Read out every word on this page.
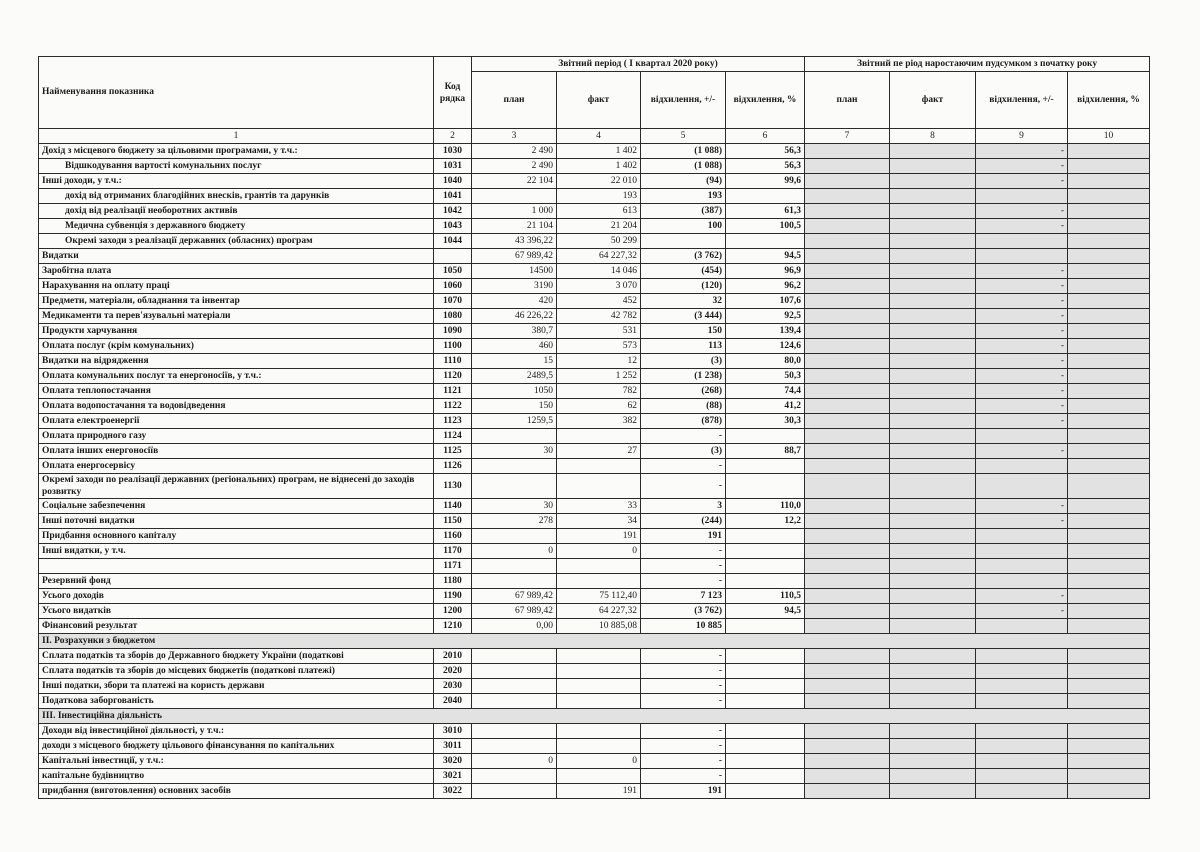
Найменування показника	Код рядка	Звітний період ( І квартал 2020 року)				Звітний пе ріод наростаючим пудсумком з початку року			
		план	факт	відхилення, +/-	відхилення, %	план	факт	відхилення, +/-	відхилення, %
1	2	3	4	5	6	7	8	9	10
Дохід з місцевого бюджету за цільовими програмами, у т.ч.:	1030	2 490	1 402	(1 088)	56,3			-	
Відшкодування вартості комунальних послуг	1031	2 490	1 402	(1 088)	56,3			-	
Інші доходи, у т.ч.:	1040	22 104	22 010	(94)	99,6			-	
дохід від отриманих благодійних внесків, грантів та дарунків	1041		193	193					
дохід від реалізації необоротних активів	1042	1 000	613	(387)	61,3			-	
Медична субвенція з державного бюджету	1043	21 104	21 204	100	100,5			-	
Окремі заходи з реалізації державних (обласних) програм	1044	43 396,22	50 299						
Видатки		67 989,42	64 227,32	(3 762)	94,5				
Заробітна плата	1050	14500	14 046	(454)	96,9			-	
Нарахування на оплату праці	1060	3190	3 070	(120)	96,2			-	
Предмети, матеріали, обладнання та інвентар	1070	420	452	32	107,6			-	
Медикаменти та перев'язувальні матеріали	1080	46 226,22	42 782	(3 444)	92,5			-	
Продукти харчування	1090	380,7	531	150	139,4			-	
Оплата послуг (крім комунальних)	1100	460	573	113	124,6			-	
Видатки на відрядження	1110	15	12	(3)	80,0			-	
Оплата комунальних послуг та енергоносіїв, у т.ч.:	1120	2489,5	1 252	(1 238)	50,3			-	
Оплата теплопостачання	1121	1050	782	(268)	74,4			-	
Оплата водопостачання та водовідведення	1122	150	62	(88)	41,2			-	
Оплата електроенергії	1123	1259,5	382	(878)	30,3			-	
Оплата природного газу	1124			-					
Оплата інших енергоносіїв	1125	30	27	(3)	88,7			-	
Оплата енергосервісу	1126			-					
Окремі заходи по реалізації державних (регіональних) програм, не віднесені до заходів розвитку	1130			-					
Соціальне забезпечення	1140	30	33	3	110,0			-	
Інші поточні видатки	1150	278	34	(244)	12,2			-	
Придбання основного капіталу	1160		191	191					
Інші видатки, у т.ч.	1170	0	0	-					
	1171			-					
Резервний фонд	1180			-					
Усього доходів	1190	67 989,42	75 112,40	7 123	110,5			-	
Усього видатків	1200	67 989,42	64 227,32	(3 762)	94,5			-	
Фінансовий результат	1210	0,00	10 885,08	10 885					
ІІ. Розрахунки з бюджетом									
Сплата податків та зборів до Державного бюджету України (податкові	2010			-					
Сплата податків та зборів до місцевих бюджетів (податкові платежі)	2020			-					
Інші податки, збори та платежі на користь держави	2030			-					
Податкова заборгованість	2040			-					
ІІІ. Інвестиційна діяльність									
Доходи від інвестиційної діяльності, у т.ч.:	3010			-					
доходи з місцевого бюджету цільового фінансування по капітальних	3011			-					
Капітальні інвестиції, у т.ч.:	3020	0	0	-					
капітальне будівництво	3021			-					
придбання (виготовлення) основних засобів	3022		191	191					
